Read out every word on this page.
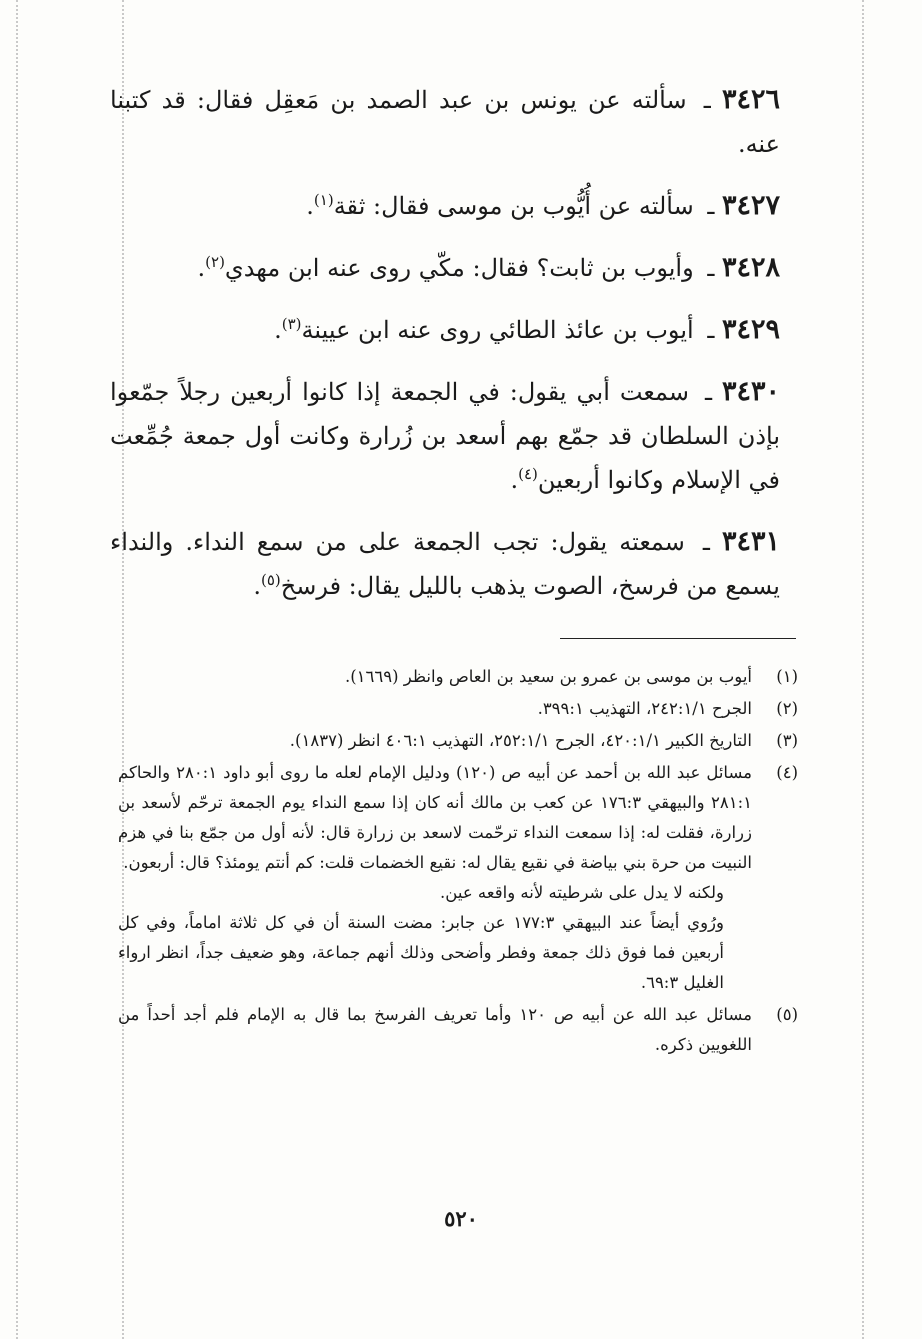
٣٤٢٦ ـ سألته عن يونس بن عبد الصمد بن مَعقِل فقال: قد كتبنا عنه.

٣٤٢٧ ـ سألته عن أُيُّوب بن موسى فقال: ثقة$^{(١)}$.

٣٤٢٨ ـ وأيوب بن ثابت؟ فقال: مكّي روى عنه ابن مهدي$^{(٢)}$.

٣٤٢٩ ـ أيوب بن عائذ الطائي روى عنه ابن عيينة$^{(٣)}$.

٣٤٣٠ ـ سمعت أبي يقول: في الجمعة إذا كانوا أربعين رجلاً جمّعوا بإذن السلطان قد جمّع بهم أسعد بن زُرارة وكانت أول جمعة جُمِّعت في الإسلام وكانوا أربعين$^{(٤)}$.

٣٤٣١ ـ سمعته يقول: تجب الجمعة على من سمع النداء. والنداء يسمع من فرسخ، الصوت يذهب بالليل يقال: فرسخ$^{(٥)}$.

(١)

أيوب بن موسى بن عمرو بن سعيد بن العاص وانظر (١٦٦٩).

(٢)

الجرح ٢٤٢:١/١، التهذيب ٣٩٩:١.

(٣)

التاريخ الكبير ٤٢٠:١/١، الجرح ٢٥٢:١/١، التهذيب ٤٠٦:١ انظر (١٨٣٧).

(٤)

مسائل عبد الله بن أحمد عن أبيه ص (١٢٠) ودليل الإمام لعله ما روى أبو داود ٢٨٠:١ والحاكم ٢٨١:١ والبيهقي ١٧٦:٣ عن كعب بن مالك أنه كان إذا سمع النداء يوم الجمعة ترحّم لأسعد بن زرارة، فقلت له: إذا سمعت النداء ترحّمت لاسعد بن زرارة قال: لأنه أول من جمّع بنا في هزم النبيت من حرة بني بياضة في نقيع يقال له: نقيع الخضمات قلت: كم أنتم يومئذ؟ قال: أربعون.

ولكنه لا يدل على شرطيته لأنه واقعه عين.

ورُوي أيضاً عند البيهقي ١٧٧:٣ عن جابر: مضت السنة أن في كل ثلاثة اماماً، وفي كل أربعين فما فوق ذلك جمعة وفطر وأضحى وذلك أنهم جماعة، وهو ضعيف جداً، انظر ارواء الغليل ٦٩:٣.

(٥)

مسائل عبد الله عن أبيه ص ١٢٠ وأما تعريف الفرسخ بما قال به الإمام فلم أجد أحداً من اللغويين ذكره.

٥٢٠
